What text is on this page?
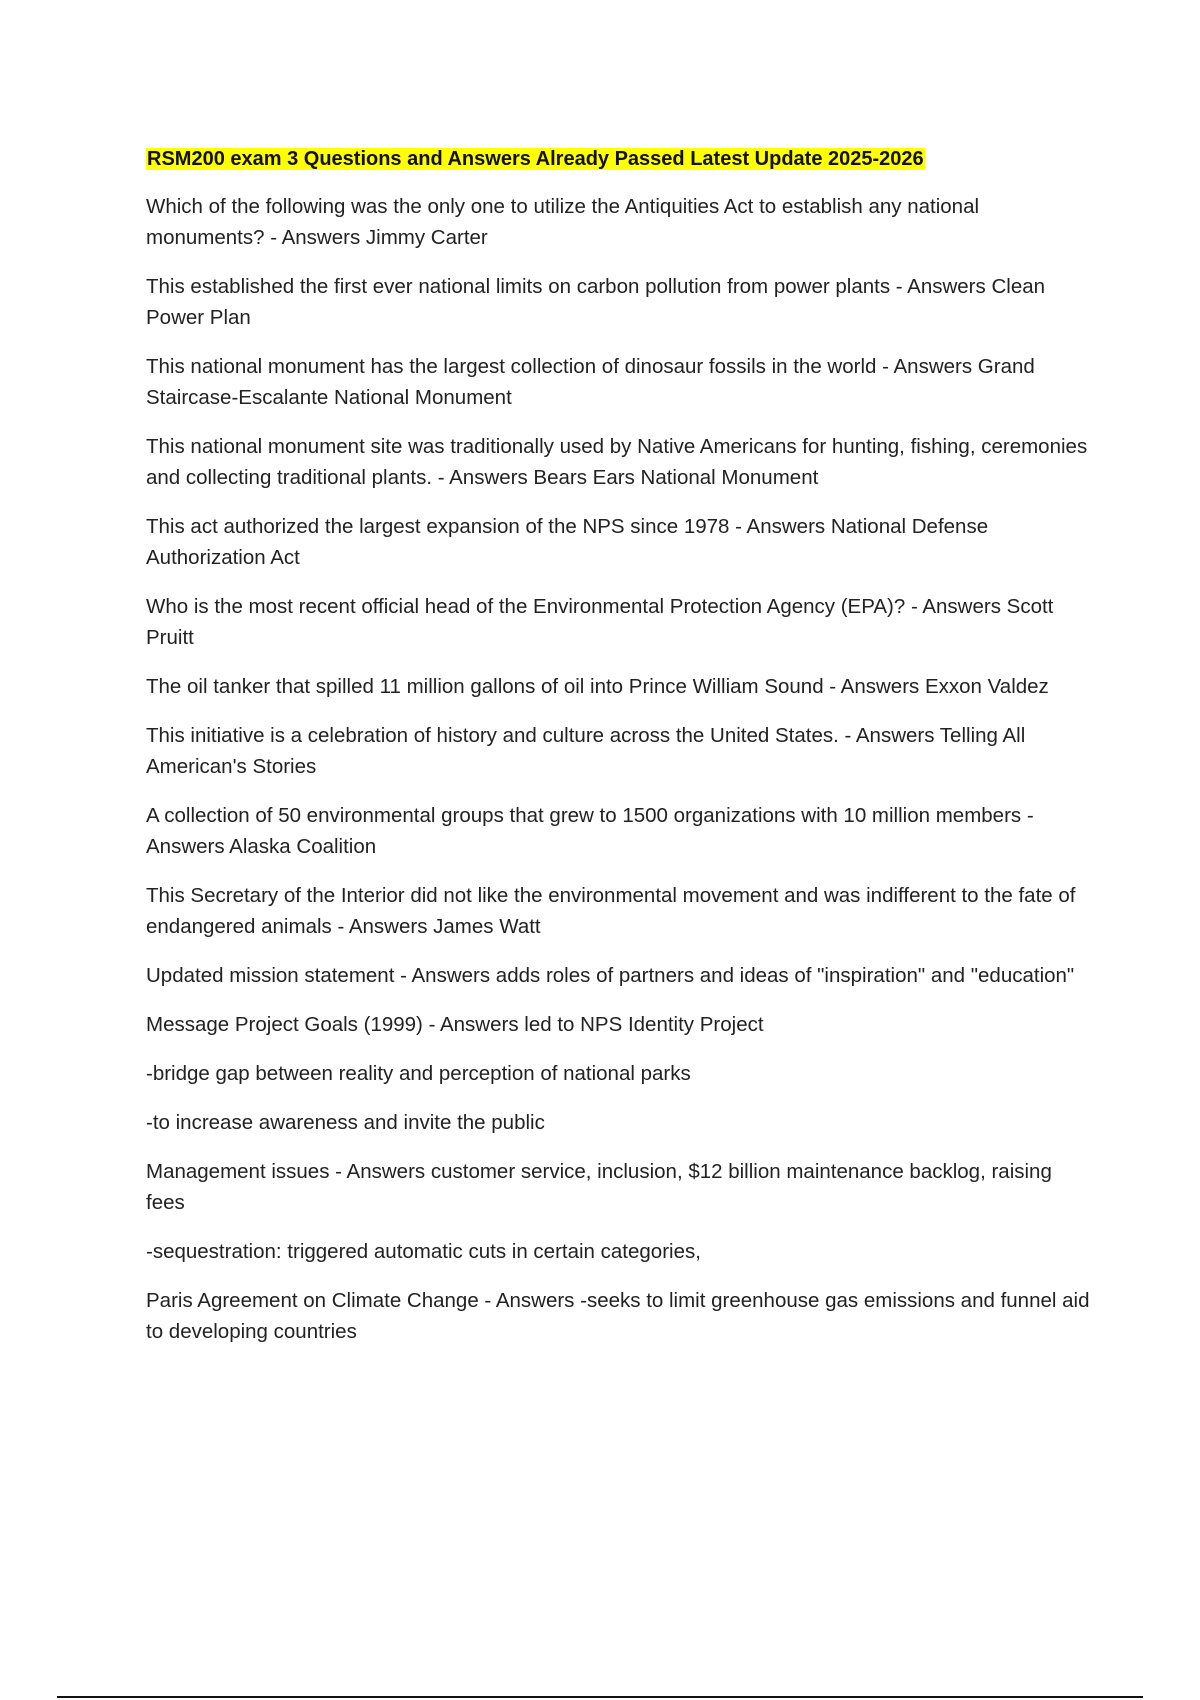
RSM200 exam 3 Questions and Answers Already Passed Latest Update 2025-2026

Which of the following was the only one to utilize the Antiquities Act to establish any national monuments? - Answers Jimmy Carter

This established the first ever national limits on carbon pollution from power plants - Answers Clean Power Plan

This national monument has the largest collection of dinosaur fossils in the world - Answers Grand Staircase-Escalante National Monument

This national monument site was traditionally used by Native Americans for hunting, fishing, ceremonies and collecting traditional plants. - Answers Bears Ears National Monument

This act authorized the largest expansion of the NPS since 1978 - Answers National Defense Authorization Act

Who is the most recent official head of the Environmental Protection Agency (EPA)? - Answers Scott Pruitt

The oil tanker that spilled 11 million gallons of oil into Prince William Sound - Answers Exxon Valdez

This initiative is a celebration of history and culture across the United States. - Answers Telling All American's Stories

A collection of 50 environmental groups that grew to 1500 organizations with 10 million members - Answers Alaska Coalition

This Secretary of the Interior did not like the environmental movement and was indifferent to the fate of endangered animals - Answers James Watt

Updated mission statement - Answers adds roles of partners and ideas of "inspiration" and "education"

Message Project Goals (1999) - Answers led to NPS Identity Project

-bridge gap between reality and perception of national parks

-to increase awareness and invite the public

Management issues - Answers customer service, inclusion, $12 billion maintenance backlog, raising fees

-sequestration: triggered automatic cuts in certain categories,

Paris Agreement on Climate Change - Answers -seeks to limit greenhouse gas emissions and funnel aid to developing countries
